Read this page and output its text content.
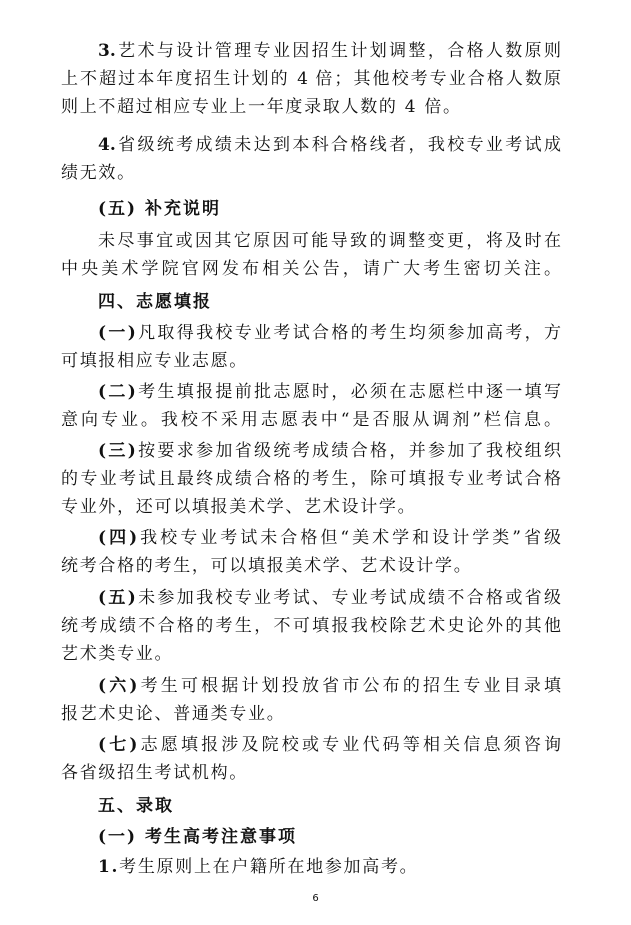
3.艺术与设计管理专业因招生计划调整，合格人数原则
上不超过本年度招生计划的 4 倍；其他校考专业合格人数原
则上不超过相应专业上一年度录取人数的 4 倍。
4.省级统考成绩未达到本科合格线者，我校专业考试成
绩无效。
(五) 补充说明
未尽事宜或因其它原因可能导致的调整变更，将及时在
中央美术学院官网发布相关公告，请广大考生密切关注。
四、志愿填报
(一)凡取得我校专业考试合格的考生均须参加高考，方
可填报相应专业志愿。
(二)考生填报提前批志愿时，必须在志愿栏中逐一填写
意向专业。我校不采用志愿表中“是否服从调剂”栏信息。
(三)按要求参加省级统考成绩合格，并参加了我校组织
的专业考试且最终成绩合格的考生，除可填报专业考试合格
专业外，还可以填报美术学、艺术设计学。
(四)我校专业考试未合格但“美术学和设计学类”省级
统考合格的考生，可以填报美术学、艺术设计学。
(五)未参加我校专业考试、专业考试成绩不合格或省级
统考成绩不合格的考生，不可填报我校除艺术史论外的其他
艺术类专业。
(六)考生可根据计划投放省市公布的招生专业目录填
报艺术史论、普通类专业。
(七)志愿填报涉及院校或专业代码等相关信息须咨询
各省级招生考试机构。
五、录取
(一) 考生高考注意事项
1.考生原则上在户籍所在地参加高考。
6
